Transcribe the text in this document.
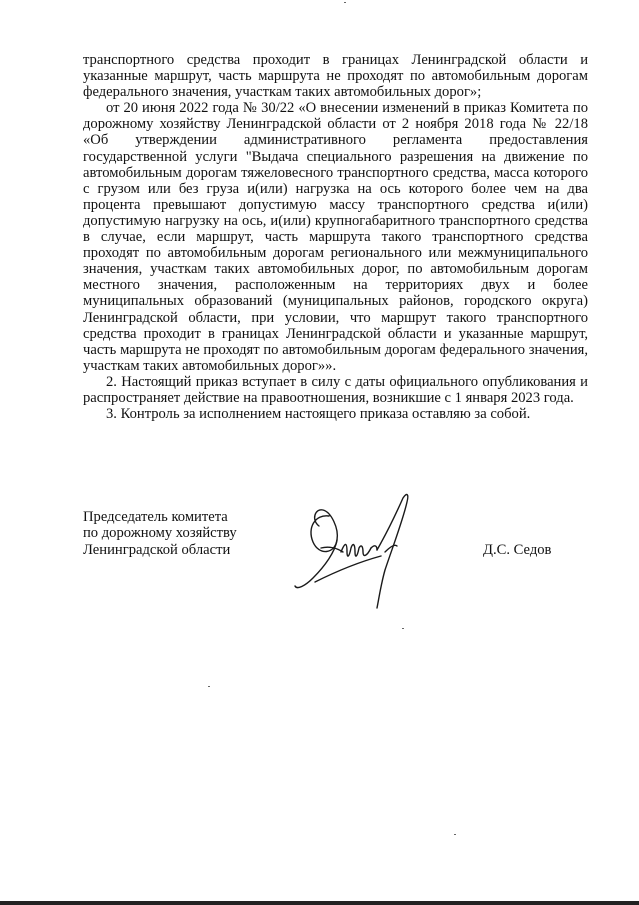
транспортного средства проходит в границах Ленинградской области и указанные маршрут, часть маршрута не проходят по автомобильным дорогам федерального значения, участкам таких автомобильных дорог»;

от 20 июня 2022 года № 30/22 «О внесении изменений в приказ Комитета по дорожному хозяйству Ленинградской области от 2 ноября 2018 года № 22/18 «Об утверждении административного регламента предоставления государственной услуги "Выдача специального разрешения на движение по автомобильным дорогам тяжеловесного транспортного средства, масса которого с грузом или без груза и(или) нагрузка на ось которого более чем на два процента превышают допустимую массу транспортного средства и(или) допустимую нагрузку на ось, и(или) крупногабаритного транспортного средства в случае, если маршрут, часть маршрута такого транспортного средства проходят по автомобильным дорогам регионального или межмуниципального значения, участкам таких автомобильных дорог, по автомобильным дорогам местного значения, расположенным на территориях двух и более муниципальных образований (муниципальных районов, городского округа) Ленинградской области, при условии, что маршрут такого транспортного средства проходит в границах Ленинградской области и указанные маршрут, часть маршрута не проходят по автомобильным дорогам федерального значения, участкам таких автомобильных дорог»».

2. Настоящий приказ вступает в силу с даты официального опубликования и распространяет действие на правоотношения, возникшие с 1 января 2023 года.

3. Контроль за исполнением настоящего приказа оставляю за собой.

Председатель комитета
по дорожному хозяйству
Ленинградской области	Д.С. Седов
